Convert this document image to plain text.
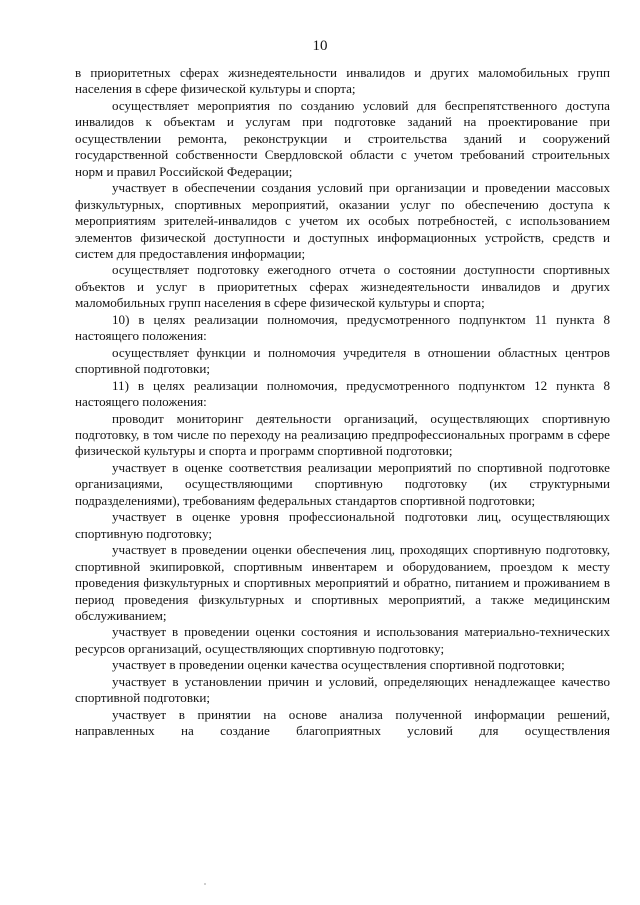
10

в приоритетных сферах жизнедеятельности инвалидов и других маломобильных групп населения в сфере физической культуры и спорта;

осуществляет мероприятия по созданию условий для беспрепятственного доступа инвалидов к объектам и услугам при подготовке заданий на проектирование при осуществлении ремонта, реконструкции и строительства зданий и сооружений государственной собственности Свердловской области с учетом требований строительных норм и правил Российской Федерации;

участвует в обеспечении создания условий при организации и проведении массовых физкультурных, спортивных мероприятий, оказании услуг по обеспечению доступа к мероприятиям зрителей-инвалидов с учетом их особых потребностей, с использованием элементов физической доступности и доступных информационных устройств, средств и систем для предоставления информации;

осуществляет подготовку ежегодного отчета о состоянии доступности спортивных объектов и услуг в приоритетных сферах жизнедеятельности инвалидов и других маломобильных групп населения в сфере физической культуры и спорта;

10) в целях реализации полномочия, предусмотренного подпунктом 11 пункта 8 настоящего положения:

осуществляет функции и полномочия учредителя в отношении областных центров спортивной подготовки;

11) в целях реализации полномочия, предусмотренного подпунктом 12 пункта 8 настоящего положения:

проводит мониторинг деятельности организаций, осуществляющих спортивную подготовку, в том числе по переходу на реализацию предпрофессиональных программ в сфере физической культуры и спорта и программ спортивной подготовки;

участвует в оценке соответствия реализации мероприятий по спортивной подготовке организациями, осуществляющими спортивную подготовку (их структурными подразделениями), требованиям федеральных стандартов спортивной подготовки;

участвует в оценке уровня профессиональной подготовки лиц, осуществляющих спортивную подготовку;

участвует в проведении оценки обеспечения лиц, проходящих спортивную подготовку, спортивной экипировкой, спортивным инвентарем и оборудованием, проездом к месту проведения физкультурных и спортивных мероприятий и обратно, питанием и проживанием в период проведения физкультурных и спортивных мероприятий, а также медицинским обслуживанием;

участвует в проведении оценки состояния и использования материально-технических ресурсов организаций, осуществляющих спортивную подготовку;

участвует в проведении оценки качества осуществления спортивной подготовки;

участвует в установлении причин и условий, определяющих ненадлежащее качество спортивной подготовки;

участвует в принятии на основе анализа полученной информации решений, направленных на создание благоприятных условий для осуществления
